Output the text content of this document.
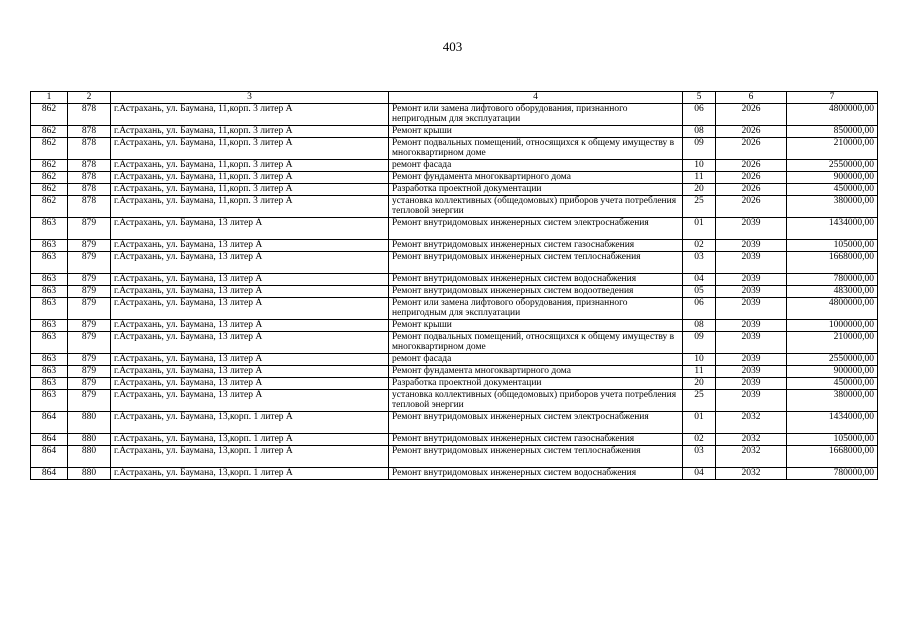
403
1	2	3	4	5	6	7
862	878	г.Астрахань, ул. Баумана, 11,корп. 3 литер А	Ремонт или замена лифтового оборудования, признанного непригодным для эксплуатации	06	2026	4800000,00
862	878	г.Астрахань, ул. Баумана, 11,корп. 3 литер А	Ремонт крыши	08	2026	850000,00
862	878	г.Астрахань, ул. Баумана, 11,корп. 3 литер А	Ремонт подвальных помещений, относящихся к общему имуществу в многоквартирном доме	09	2026	210000,00
862	878	г.Астрахань, ул. Баумана, 11,корп. 3 литер А	ремонт фасада	10	2026	2550000,00
862	878	г.Астрахань, ул. Баумана, 11,корп. 3 литер А	Ремонт фундамента многоквартирного дома	11	2026	900000,00
862	878	г.Астрахань, ул. Баумана, 11,корп. 3 литер А	Разработка проектной документации	20	2026	450000,00
862	878	г.Астрахань, ул. Баумана, 11,корп. 3 литер А	установка коллективных (общедомовых) приборов учета потребления тепловой энергии	25	2026	380000,00
863	879	г.Астрахань, ул. Баумана, 13 литер А	Ремонт внутридомовых инженерных систем электроснабжения	01	2039	1434000,00
863	879	г.Астрахань, ул. Баумана, 13 литер А	Ремонт внутридомовых инженерных систем газоснабжения	02	2039	105000,00
863	879	г.Астрахань, ул. Баумана, 13 литер А	Ремонт внутридомовых инженерных систем теплоснабжения	03	2039	1668000,00
863	879	г.Астрахань, ул. Баумана, 13 литер А	Ремонт внутридомовых инженерных систем водоснабжения	04	2039	780000,00
863	879	г.Астрахань, ул. Баумана, 13 литер А	Ремонт внутридомовых инженерных систем водоотведения	05	2039	483000,00
863	879	г.Астрахань, ул. Баумана, 13 литер А	Ремонт или замена лифтового оборудования, признанного непригодным для эксплуатации	06	2039	4800000,00
863	879	г.Астрахань, ул. Баумана, 13 литер А	Ремонт крыши	08	2039	1000000,00
863	879	г.Астрахань, ул. Баумана, 13 литер А	Ремонт подвальных помещений, относящихся к общему имуществу в многоквартирном доме	09	2039	210000,00
863	879	г.Астрахань, ул. Баумана, 13 литер А	ремонт фасада	10	2039	2550000,00
863	879	г.Астрахань, ул. Баумана, 13 литер А	Ремонт фундамента многоквартирного дома	11	2039	900000,00
863	879	г.Астрахань, ул. Баумана, 13 литер А	Разработка проектной документации	20	2039	450000,00
863	879	г.Астрахань, ул. Баумана, 13 литер А	установка коллективных (общедомовых) приборов учета потребления тепловой энергии	25	2039	380000,00
864	880	г.Астрахань, ул. Баумана, 13,корп. 1 литер А	Ремонт внутридомовых инженерных систем электроснабжения	01	2032	1434000,00
864	880	г.Астрахань, ул. Баумана, 13,корп. 1 литер А	Ремонт внутридомовых инженерных систем газоснабжения	02	2032	105000,00
864	880	г.Астрахань, ул. Баумана, 13,корп. 1 литер А	Ремонт внутридомовых инженерных систем теплоснабжения	03	2032	1668000,00
864	880	г.Астрахань, ул. Баумана, 13,корп. 1 литер А	Ремонт внутридомовых инженерных систем водоснабжения	04	2032	780000,00
